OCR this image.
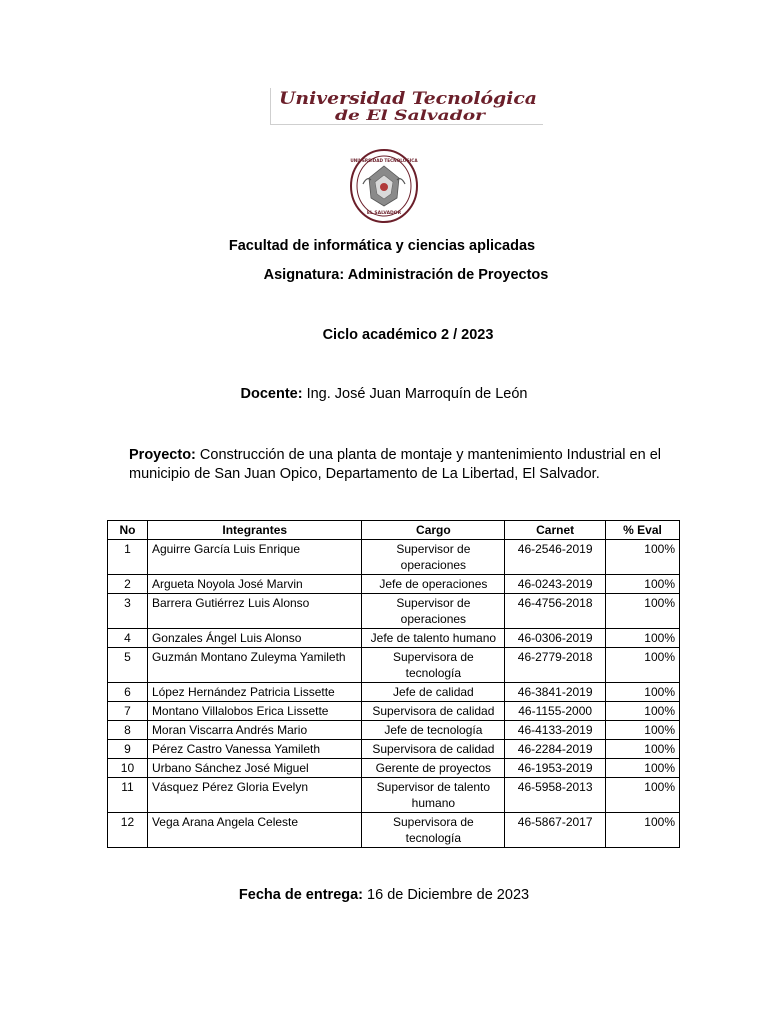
Universidad Tecnológica
de El Salvador
UNIVERSIDAD TECNOLÓGICA
EL SALVADOR
Facultad de informática y ciencias aplicadas
Asignatura: Administración de Proyectos
Ciclo académico 2 / 2023
Docente: Ing. José Juan Marroquín de León
Proyecto: Construcción de una planta de montaje y mantenimiento Industrial en el municipio de San Juan Opico, Departamento de La Libertad, El Salvador.
No	Integrantes	Cargo	Carnet	% Eval
1	Aguirre García Luis Enrique	Supervisor de operaciones	46-2546-2019	100%
2	Argueta Noyola José Marvin	Jefe de operaciones	46-0243-2019	100%
3	Barrera Gutiérrez Luis Alonso	Supervisor de operaciones	46-4756-2018	100%
4	Gonzales Ángel Luis Alonso	Jefe de talento humano	46-0306-2019	100%
5	Guzmán Montano Zuleyma Yamileth	Supervisora de tecnología	46-2779-2018	100%
6	López Hernández Patricia Lissette	Jefe de calidad	46-3841-2019	100%
7	Montano Villalobos Erica Lissette	Supervisora de calidad	46-1155-2000	100%
8	Moran Viscarra Andrés Mario	Jefe de tecnología	46-4133-2019	100%
9	Pérez Castro Vanessa Yamileth	Supervisora de calidad	46-2284-2019	100%
10	Urbano Sánchez José Miguel	Gerente de proyectos	46-1953-2019	100%
11	Vásquez Pérez Gloria Evelyn	Supervisor de talento humano	46-5958-2013	100%
12	Vega Arana Angela Celeste	Supervisora de tecnología	46-5867-2017	100%
Fecha de entrega: 16 de Diciembre de 2023
